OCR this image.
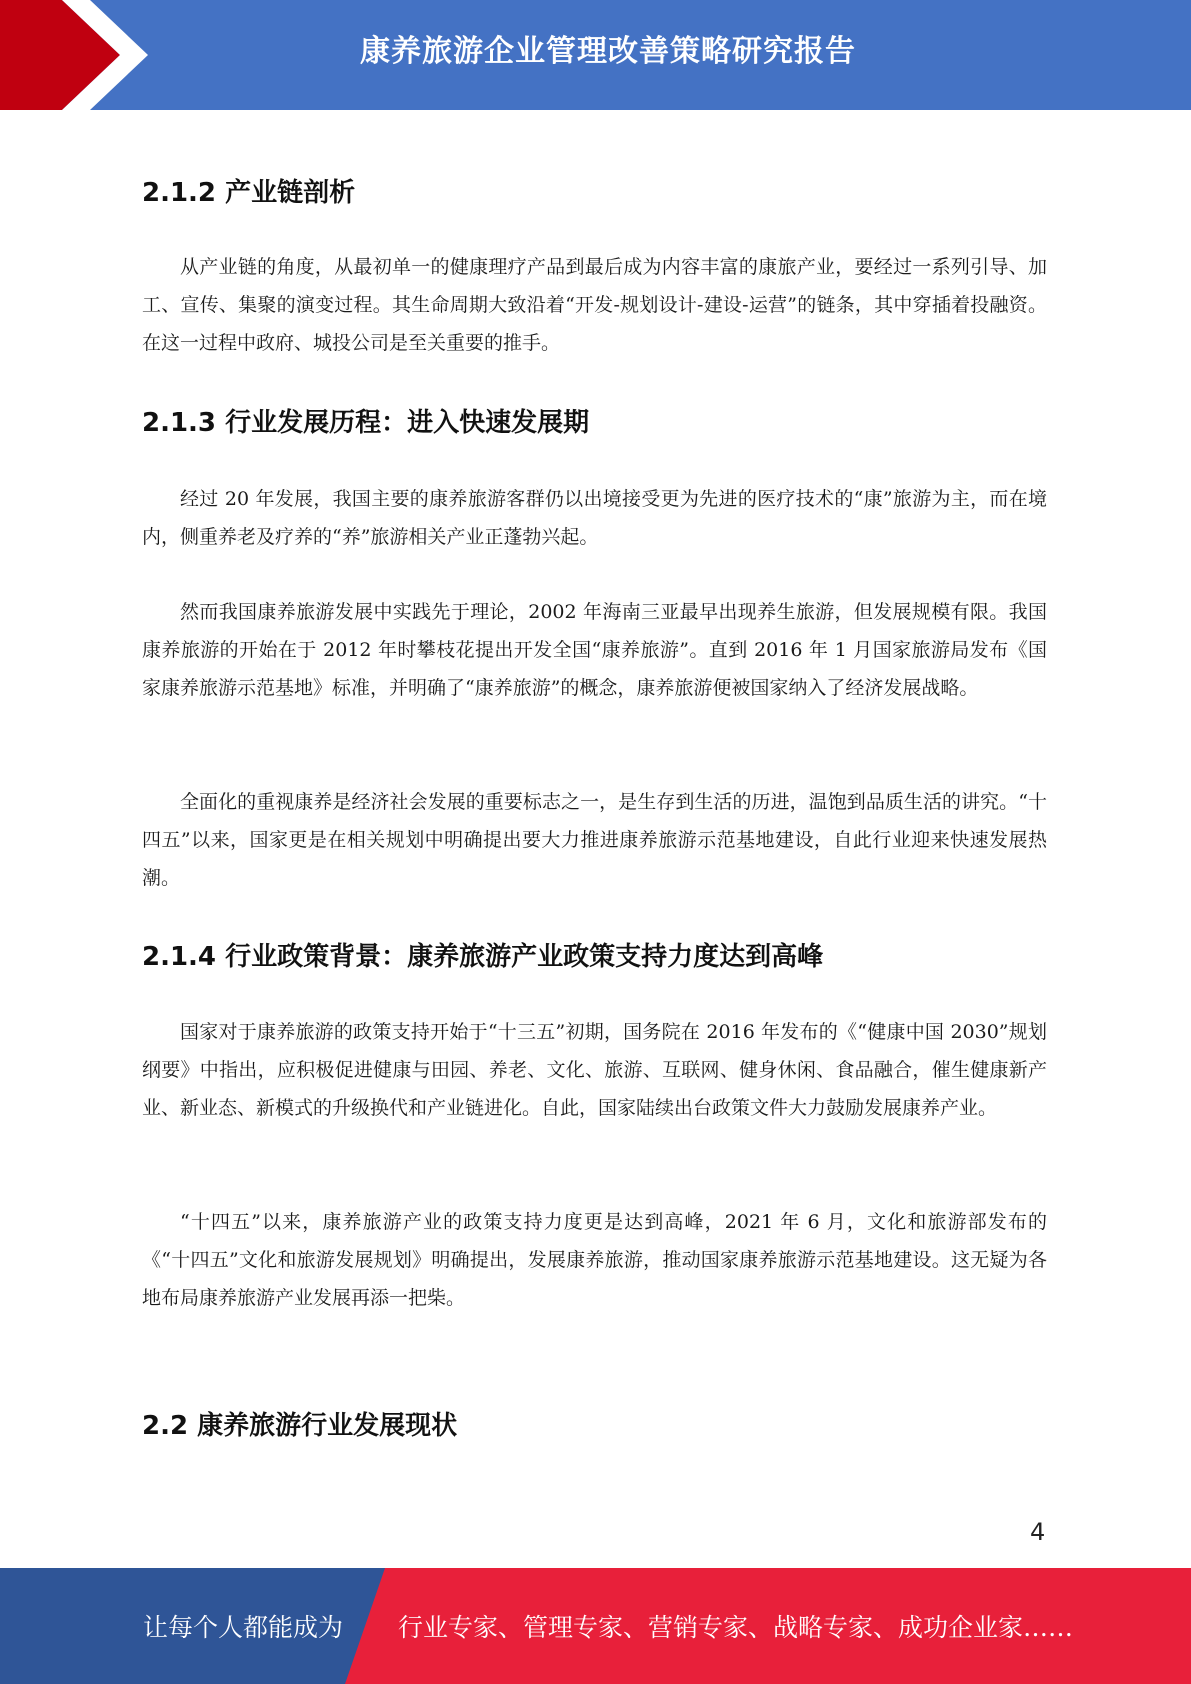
康养旅游企业管理改善策略研究报告
2.1.2 产业链剖析
从产业链的角度，从最初单一的健康理疗产品到最后成为内容丰富的康旅产业，要经过一系列引导、加工、宣传、集聚的演变过程。其生命周期大致沿着“开发-规划设计-建设-运营”的链条，其中穿插着投融资。在这一过程中政府、城投公司是至关重要的推手。
2.1.3 行业发展历程：进入快速发展期
经过 20 年发展，我国主要的康养旅游客群仍以出境接受更为先进的医疗技术的“康”旅游为主，而在境内，侧重养老及疗养的“养”旅游相关产业正蓬勃兴起。
然而我国康养旅游发展中实践先于理论，2002 年海南三亚最早出现养生旅游，但发展规模有限。我国康养旅游的开始在于 2012 年时攀枝花提出开发全国“康养旅游”。直到 2016 年 1 月国家旅游局发布《国家康养旅游示范基地》标准，并明确了“康养旅游”的概念，康养旅游便被国家纳入了经济发展战略。
全面化的重视康养是经济社会发展的重要标志之一，是生存到生活的历进，温饱到品质生活的讲究。“十四五”以来，国家更是在相关规划中明确提出要大力推进康养旅游示范基地建设，自此行业迎来快速发展热潮。
2.1.4 行业政策背景：康养旅游产业政策支持力度达到高峰
国家对于康养旅游的政策支持开始于“十三五”初期，国务院在 2016 年发布的《“健康中国 2030”规划纲要》中指出，应积极促进健康与田园、养老、文化、旅游、互联网、健身休闲、食品融合，催生健康新产业、新业态、新模式的升级换代和产业链进化。自此，国家陆续出台政策文件大力鼓励发展康养产业。
“十四五”以来，康养旅游产业的政策支持力度更是达到高峰，2021 年 6 月，文化和旅游部发布的《“十四五”文化和旅游发展规划》明确提出，发展康养旅游，推动国家康养旅游示范基地建设。这无疑为各地布局康养旅游产业发展再添一把柴。
2.2 康养旅游行业发展现状
4
让每个人都能成为 行业专家、管理专家、营销专家、战略专家、成功企业家……
